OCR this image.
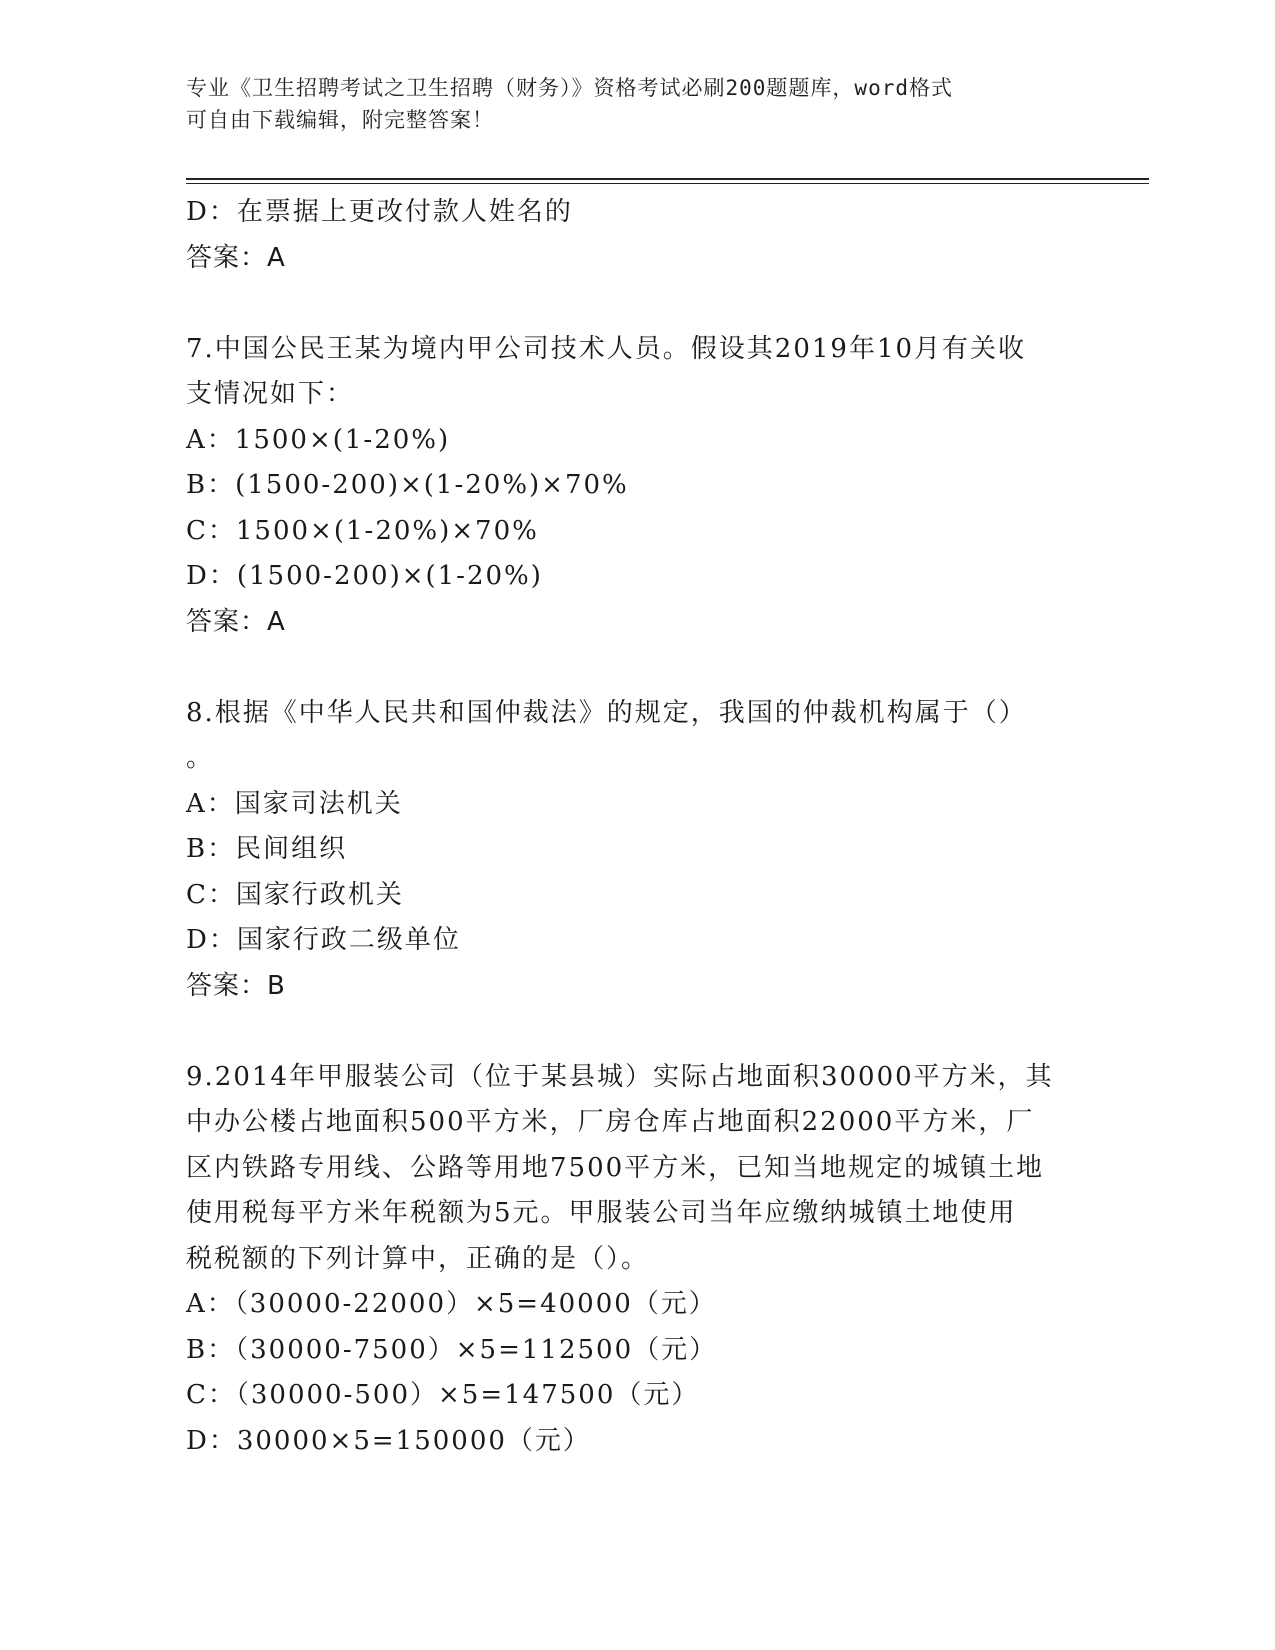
专业《卫生招聘考试之卫生招聘（财务）》资格考试必刷200题题库，word格式
可自由下载编辑，附完整答案！
D：在票据上更改付款人姓名的
答案：A
7.中国公民王某为境内甲公司技术人员。假设其2019年10月有关收
支情况如下：
A：1500×(1-20%)
B：(1500-200)×(1-20%)×70%
C：1500×(1-20%)×70%
D：(1500-200)×(1-20%)
答案：A
8.根据《中华人民共和国仲裁法》的规定，我国的仲裁机构属于（）
。
A：国家司法机关
B：民间组织
C：国家行政机关
D：国家行政二级单位
答案：B
9.2014年甲服装公司（位于某县城）实际占地面积30000平方米，其
中办公楼占地面积500平方米，厂房仓库占地面积22000平方米，厂
区内铁路专用线、公路等用地7500平方米，已知当地规定的城镇土地
使用税每平方米年税额为5元。甲服装公司当年应缴纳城镇土地使用
税税额的下列计算中，正确的是（）。
A：（30000-22000）×5=40000（元）
B：（30000-7500）×5=112500（元）
C：（30000-500）×5=147500（元）
D：30000×5=150000（元）
